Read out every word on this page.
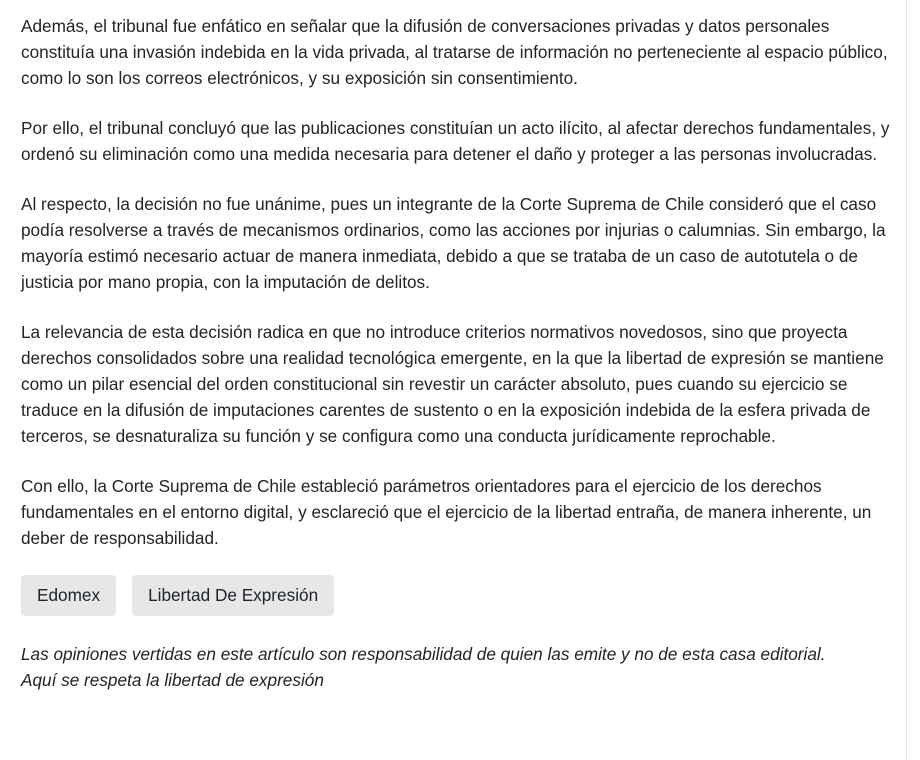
Además, el tribunal fue enfático en señalar que la difusión de conversaciones privadas y datos personales constituía una invasión indebida en la vida privada, al tratarse de información no perteneciente al espacio público, como lo son los correos electrónicos, y su exposición sin consentimiento.

Por ello, el tribunal concluyó que las publicaciones constituían un acto ilícito, al afectar derechos fundamentales, y ordenó su eliminación como una medida necesaria para detener el daño y proteger a las personas involucradas.

Al respecto, la decisión no fue unánime, pues un integrante de la Corte Suprema de Chile consideró que el caso podía resolverse a través de mecanismos ordinarios, como las acciones por injurias o calumnias. Sin embargo, la mayoría estimó necesario actuar de manera inmediata, debido a que se trataba de un caso de autotutela o de justicia por mano propia, con la imputación de delitos.

La relevancia de esta decisión radica en que no introduce criterios normativos novedosos, sino que proyecta derechos consolidados sobre una realidad tecnológica emergente, en la que la libertad de expresión se mantiene como un pilar esencial del orden constitucional sin revestir un carácter absoluto, pues cuando su ejercicio se traduce en la difusión de imputaciones carentes de sustento o en la exposición indebida de la esfera privada de terceros, se desnaturaliza su función y se configura como una conducta jurídicamente reprochable.

Con ello, la Corte Suprema de Chile estableció parámetros orientadores para el ejercicio de los derechos fundamentales en el entorno digital, y esclareció que el ejercicio de la libertad entraña, de manera inherente, un deber de responsabilidad.

Edomex	Libertad De Expresión
Las opiniones vertidas en este artículo son responsabilidad de quien las emite y no de esta casa editorial.
Aquí se respeta la libertad de expresión
